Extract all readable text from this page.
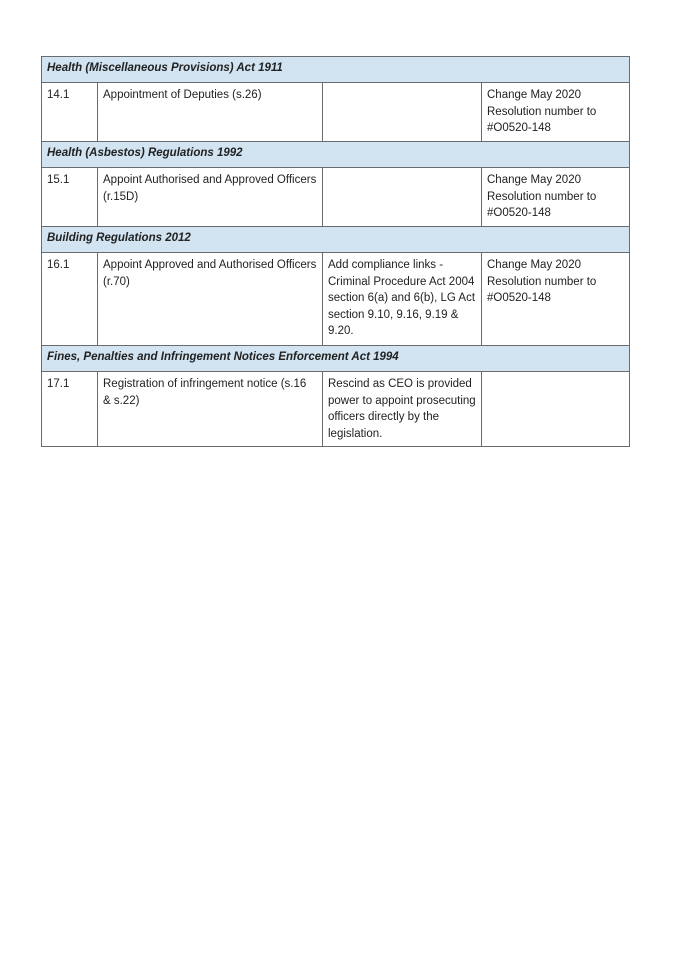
Health (Miscellaneous Provisions) Act 1911			
14.1	Appointment of Deputies (s.26)		Change May 2020 Resolution number to #O0520-148
Health (Asbestos) Regulations 1992			
15.1	Appoint Authorised and Approved Officers (r.15D)		Change May 2020 Resolution number to #O0520-148
Building Regulations 2012			
16.1	Appoint Approved and Authorised Officers (r.70)	Add compliance links - Criminal Procedure Act 2004 section 6(a) and 6(b), LG Act section 9.10, 9.16, 9.19 & 9.20.	Change May 2020 Resolution number to #O0520-148
Fines, Penalties and Infringement Notices Enforcement Act 1994			
17.1	Registration of infringement notice (s.16 & s.22)	Rescind as CEO is provided power to appoint prosecuting officers directly by the legislation.	
